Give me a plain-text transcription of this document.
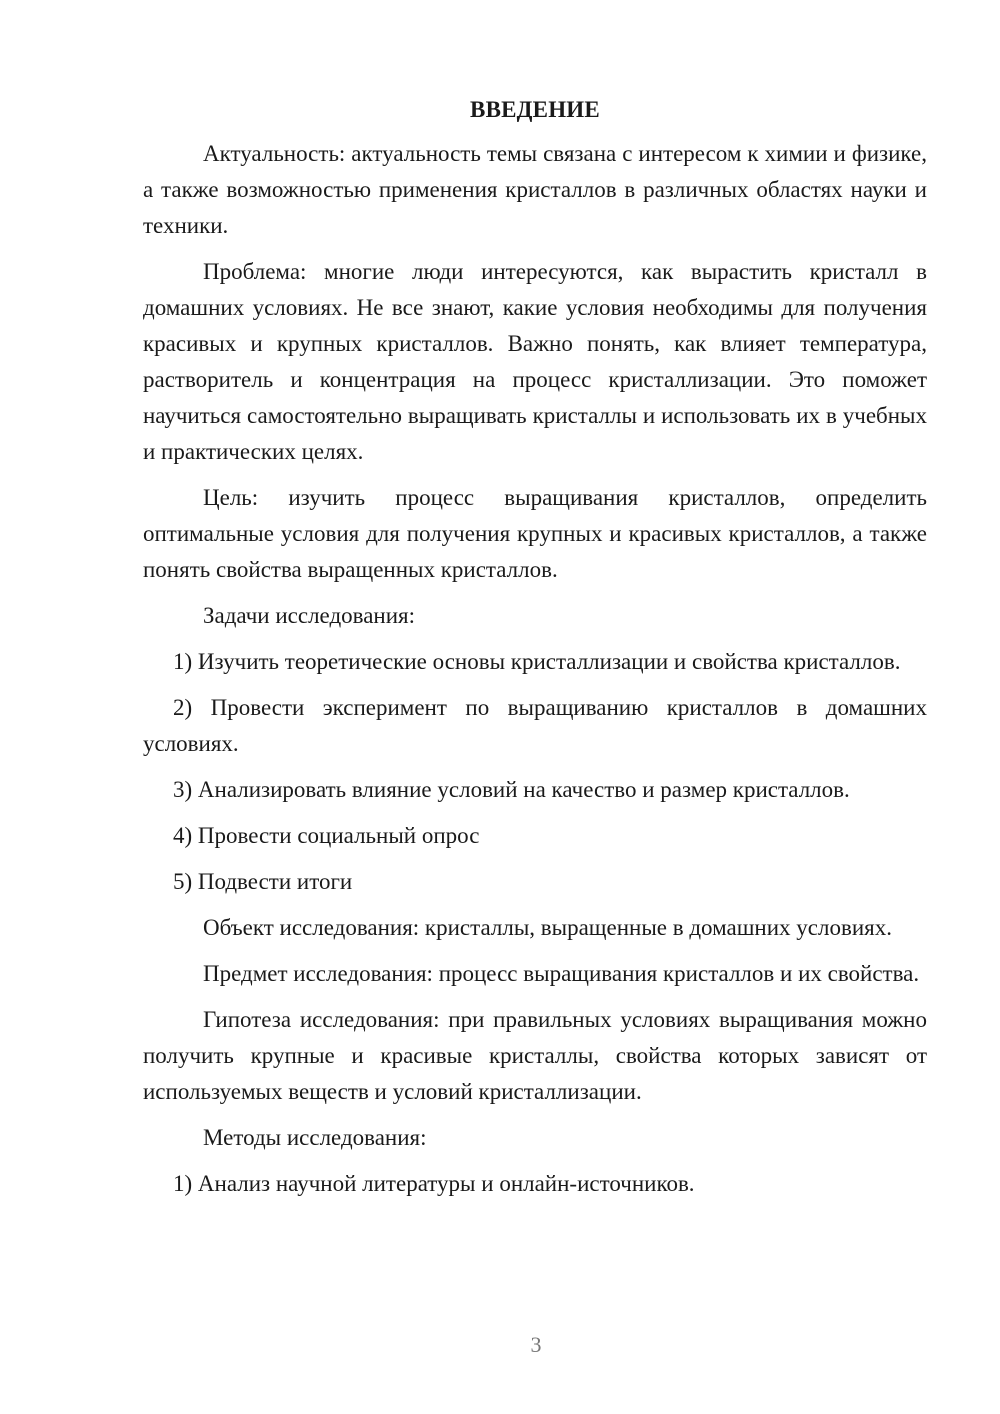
ВВЕДЕНИЕ

Актуальность: актуальность темы связана с интересом к химии и физике, а также возможностью применения кристаллов в различных областях науки и техники.

Проблема: многие люди интересуются, как вырастить кристалл в домашних условиях. Не все знают, какие условия необходимы для получения красивых и крупных кристаллов. Важно понять, как влияет температура, растворитель и концентрация на процесс кристаллизации. Это поможет научиться самостоятельно выращивать кристаллы и использовать их в учебных и практических целях.

Цель: изучить процесс выращивания кристаллов, определить оптимальные условия для получения крупных и красивых кристаллов, а также понять свойства выращенных кристаллов.

Задачи исследования:

1) Изучить теоретические основы кристаллизации и свойства кристаллов.

2) Провести эксперимент по выращиванию кристаллов в домашних условиях.

3) Анализировать влияние условий на качество и размер кристаллов.

4) Провести социальный опрос

5) Подвести итоги

Объект исследования: кристаллы, выращенные в домашних условиях.

Предмет исследования: процесс выращивания кристаллов и их свойства.

Гипотеза исследования: при правильных условиях выращивания можно получить крупные и красивые кристаллы, свойства которых зависят от используемых веществ и условий кристаллизации.

Методы исследования:

1) Анализ научной литературы и онлайн-источников.

3
